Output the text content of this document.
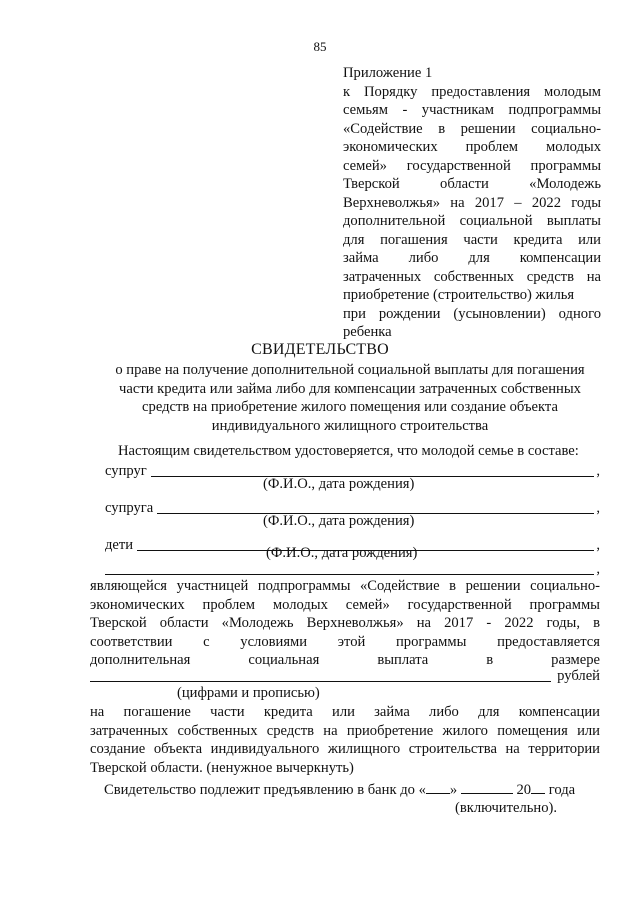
85
Приложение 1
к Порядку предоставления молодым
семьям - участникам подпрограммы
«Содействие в решении социально-
экономических проблем молодых
семей» государственной программы
Тверской области «Молодежь
Верхневолжья» на 2017 – 2022 годы
дополнительной социальной выплаты
для погашения части кредита или
займа либо для компенсации
затраченных собственных средств на
приобретение (строительство) жилья
при рождении (усыновлении) одного
ребенка
СВИДЕТЕЛЬСТВО
о праве на получение дополнительной социальной выплаты для погашения
части кредита или займа либо для компенсации затраченных собственных
средств на приобретение жилого помещения или создание объекта
индивидуального жилищного строительства
Настоящим свидетельством удостоверяется, что молодой семье в составе:
супруг	,
(Ф.И.О., дата рождения)
супруга	,
(Ф.И.О., дата рождения)
дети	,
(Ф.И.О., дата рождения)
,
являющейся участницей подпрограммы «Содействие в решении социально-
экономических проблем молодых семей» государственной программы
Тверской области «Молодежь Верхневолжья» на 2017 - 2022 годы, в
соответствии с условиями этой программы предоставляется
дополнительная социальная выплата в размере
рублей
(цифрами и прописью)
на погашение части кредита или займа либо для компенсации
затраченных собственных средств на приобретение жилого помещения или
создание объекта индивидуального жилищного строительства на территории
Тверской области. (ненужное вычеркнуть)
Свидетельство подлежит предъявлению в банк до « »	20 года
(включительно).
